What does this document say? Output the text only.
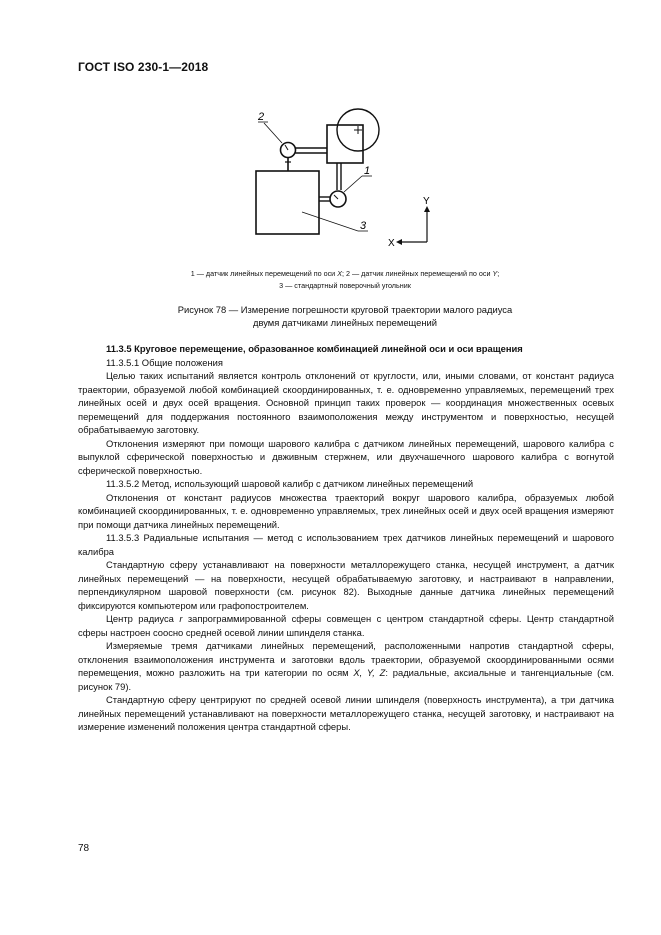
ГОСТ ISO 230-1—2018
2
1
3
Y
X
1 — датчик линейных перемещений по оси X; 2 — датчик линейных перемещений по оси Y;
3 — стандартный поверочный угольник
Рисунок 78 — Измерение погрешности круговой траектории малого радиуса
двумя датчиками линейных перемещений

11.3.5 Круговое перемещение, образованное комбинацией линейной оси и оси вращения

11.3.5.1 Общие положения

Целью таких испытаний является контроль отклонений от круглости, или, иными словами, от констант радиуса траектории, образуемой любой комбинацией скоординированных, т. е. одновременно управляемых, перемещений трех линейных осей и двух осей вращения. Основной принцип таких проверок — координация множественных осевых перемещений для поддержания постоянного взаимоположения между инструментом и поверхностью, несущей обрабатываемую заготовку.

Отклонения измеряют при помощи шарового калибра с датчиком линейных перемещений, шарового калибра с выпуклой сферической поверхностью и двживным стержнем, или двухчашечного шарового калибра с вогнутой сферической поверхностью.

11.3.5.2 Метод, использующий шаровой калибр с датчиком линейных перемещений

Отклонения от констант радиусов множества траекторий вокруг шарового калибра, образуемых любой комбинацией скоординированных, т. е. одновременно управляемых, трех линейных осей и двух осей вращения измеряют при помощи датчика линейных перемещений.

11.3.5.3 Радиальные испытания — метод с использованием трех датчиков линейных перемещений и шарового калибра

Стандартную сферу устанавливают на поверхности металлорежущего станка, несущей инструмент, а датчик линейных перемещений — на поверхности, несущей обрабатываемую заготовку, и настраивают в направлении, перпендикулярном шаровой поверхности (см. рисунок 82). Выходные данные датчика линейных перемещений фиксируются компьютером или графопостроителем.

Центр радиуса r запрограммированной сферы совмещен с центром стандартной сферы. Центр стандартной сферы настроен соосно средней осевой линии шпинделя станка.

Измеряемые тремя датчиками линейных перемещений, расположенными напротив стандартной сферы, отклонения взаимоположения инструмента и заготовки вдоль траектории, образуемой скоординированными осями перемещения, можно разложить на три категории по осям X, Y, Z: радиальные, аксиальные и тангенциальные (см. рисунок 79).

Стандартную сферу центрируют по средней осевой линии шпинделя (поверхность инструмента), а три датчика линейных перемещений устанавливают на поверхности металлорежущего станка, несущей заготовку, и настраивают на измерение изменений положения центра стандартной сферы.

78
